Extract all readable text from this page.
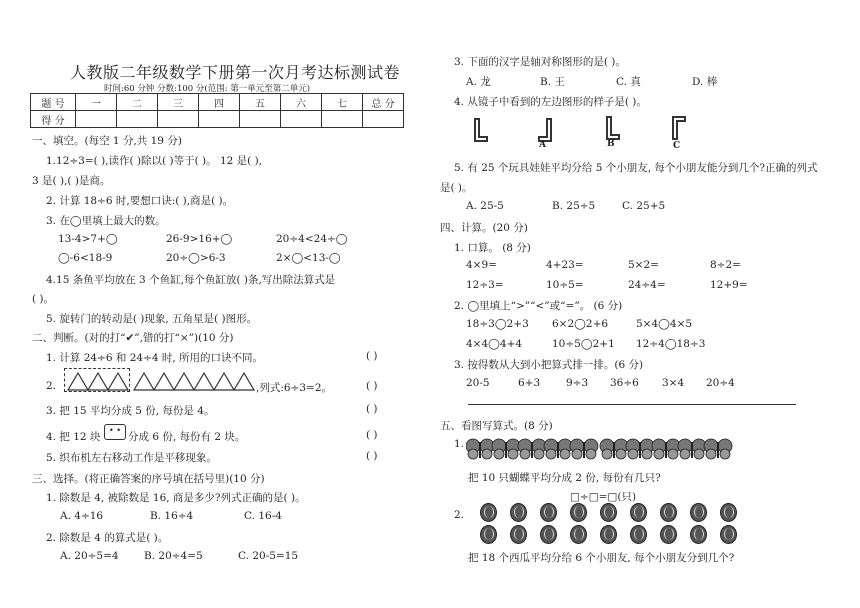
人教版二年级数学下册第一次月考达标测试卷
时间:60 分钟 分数:100 分(范围: 第一单元至第二单元)
题 号	一	二	三	四	五	六	七	总 分
得 分								
一、填空。(每空 1 分,共 19 分)
1.12÷3=( ),读作( )除以( )等于( )。 12 是( ),
3 是( ),( )是商。
2. 计算 18÷6 时,要想口诀:( ),商是( )。
3. 在◯里填上最大的数。
13-4>7+◯	26-9>16+◯	20÷4<24÷◯
◯-6<18-9	20÷◯>6-3	2×◯<13-◯
4.15 条鱼平均放在 3 个鱼缸,每个鱼缸放( )条,写出除法算式是
( )。
5. 旋转门的转动是( )现象, 五角星是( )图形。
二、判断。(对的打“✔”,错的打“×”)(10 分)
1. 计算 24÷6 和 24÷4 时, 所用的口诀不同。	( )
2.	,列式:6÷3=2。	( )
3. 把 15 平均分成 5 份, 每份是 4。	( )
4. 把 12 块
• •
分成 6 份, 每份有 2 块。	( )
5. 织布机左右移动工作是平移现象。	( )
三、选择。(将正确答案的序号填在括号里)(10 分)
1. 除数是 4, 被除数是 16, 商是多少?列式正确的是( )。
A. 4÷16	B. 16÷4	C. 16-4
2. 除数是 4 的算式是( )。
A. 20÷5=4 B. 20÷4=5	C. 20-5=15
3. 下面的汉字是轴对称图形的是( )。
A. 龙	B. 王	C. 真	D. 棒
4. 从镜子中看到的左边图形的样子是( )。
A	B	C
5. 有 25 个玩具娃娃平均分给 5 个小朋友, 每个小朋友能分到几个?正确的列式
是( )。
A. 25-5	B. 25÷5	C. 25+5
四、计算。(20 分)
1. 口算。 (8 分)
4×9=	4+23=	5×2=	8÷2=
12÷3=	10÷5=	24÷4=	12+9=
2. ◯里填上“>”“<”或“=”。 (6 分)
18÷3◯2+3 6×2◯2+6	5×4◯4×5
4×4◯4+4	10÷5◯2+1 12÷4◯18÷3
3. 按得数从大到小把算式排一排。(6 分)
20-5	6+3 9÷3 36÷6 3×4 20÷4
五、看图写算式。(8 分)
1.
把 10 只蝴蝶平均分成 2 份, 每份有几只?
□÷□=□(只)
2.
把 18 个西瓜平均分给 6 个小朋友, 每个小朋友分到几个?
